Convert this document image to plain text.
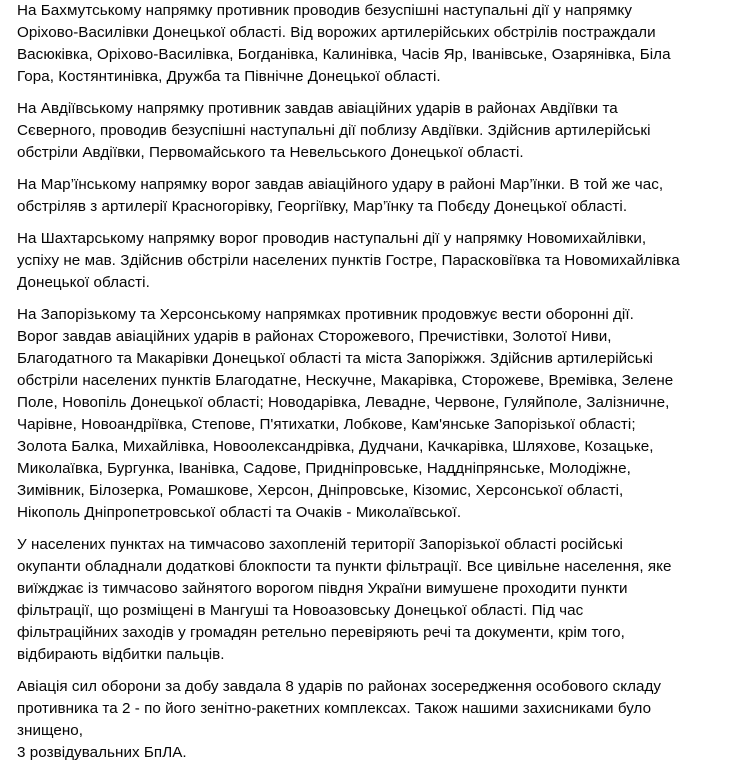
На Бахмутському напрямку противник проводив безуспішні наступальні дії у напрямку
Оріхово-Василівки Донецької області. Від ворожих артилерійських обстрілів постраждали
Васюківка, Оріхово-Василівка, Богданівка, Калинівка, Часів Яр, Іванівське, Озарянівка, Біла
Гора, Костянтинівка, Дружба та Північне Донецької області.

На Авдіївському напрямку противник завдав авіаційних ударів в районах Авдіївки та
Сєверного, проводив безуспішні наступальні дії поблизу Авдіївки. Здійснив артилерійські
обстріли Авдіївки, Первомайського та Невельського Донецької області.

На Мар’їнському напрямку ворог завдав авіаційного удару в районі Мар’їнки. В той же час,
обстріляв з артилерії Красногорівку, Георгіївку, Мар’їнку та Побєду Донецької області.

На Шахтарському напрямку ворог проводив наступальні дії у напрямку Новомихайлівки,
успіху не мав. Здійснив обстріли населених пунктів Гостре, Парасковіївка та Новомихайлівка
Донецької області.

На Запорізькому та Херсонському напрямках противник продовжує вести оборонні дії.
Ворог завдав авіаційних ударів в районах Сторожевого, Пречистівки, Золотої Ниви,
Благодатного та Макарівки Донецької області та міста Запоріжжя. Здійснив артилерійські
обстріли населених пунктів Благодатне, Нескучне, Макарівка, Сторожеве, Времівка, Зелене
Поле, Новопіль Донецької області; Новодарівка, Левадне, Червоне, Гуляйполе, Залізничне,
Чарівне, Новоандріївка, Степове, П'ятихатки, Лобкове, Кам'янське Запорізької області;
Золота Балка, Михайлівка, Новоолександрівка, Дудчани, Качкарівка, Шляхове, Козацьке,
Миколаївка, Бургунка, Іванівка, Садове, Придніпровське, Наддніпрянське, Молодіжне,
Зимівник, Білозерка, Ромашкове, Херсон, Дніпровське, Кізомис, Херсонської області,
Нікополь Дніпропетровської області та Очаків - Миколаївської.

У населених пунктах на тимчасово захопленій території Запорізької області російські
окупанти обладнали додаткові блокпости та пункти фільтрації. Все цивільне населення, яке
виїжджає із тимчасово зайнятого ворогом півдня України вимушене проходити пункти
фільтрації, що розміщені в Мангуші та Новоазовську Донецької області. Під час
фільтраційних заходів у громадян ретельно перевіряють речі та документи, крім того,
відбирають відбитки пальців.

Авіація сил оборони за добу завдала 8 ударів по районах зосередження особового складу
противника та 2 - по його зенітно-ракетних комплексах. Також нашими захисниками було
знищено,
3 розвідувальних БпЛА.
